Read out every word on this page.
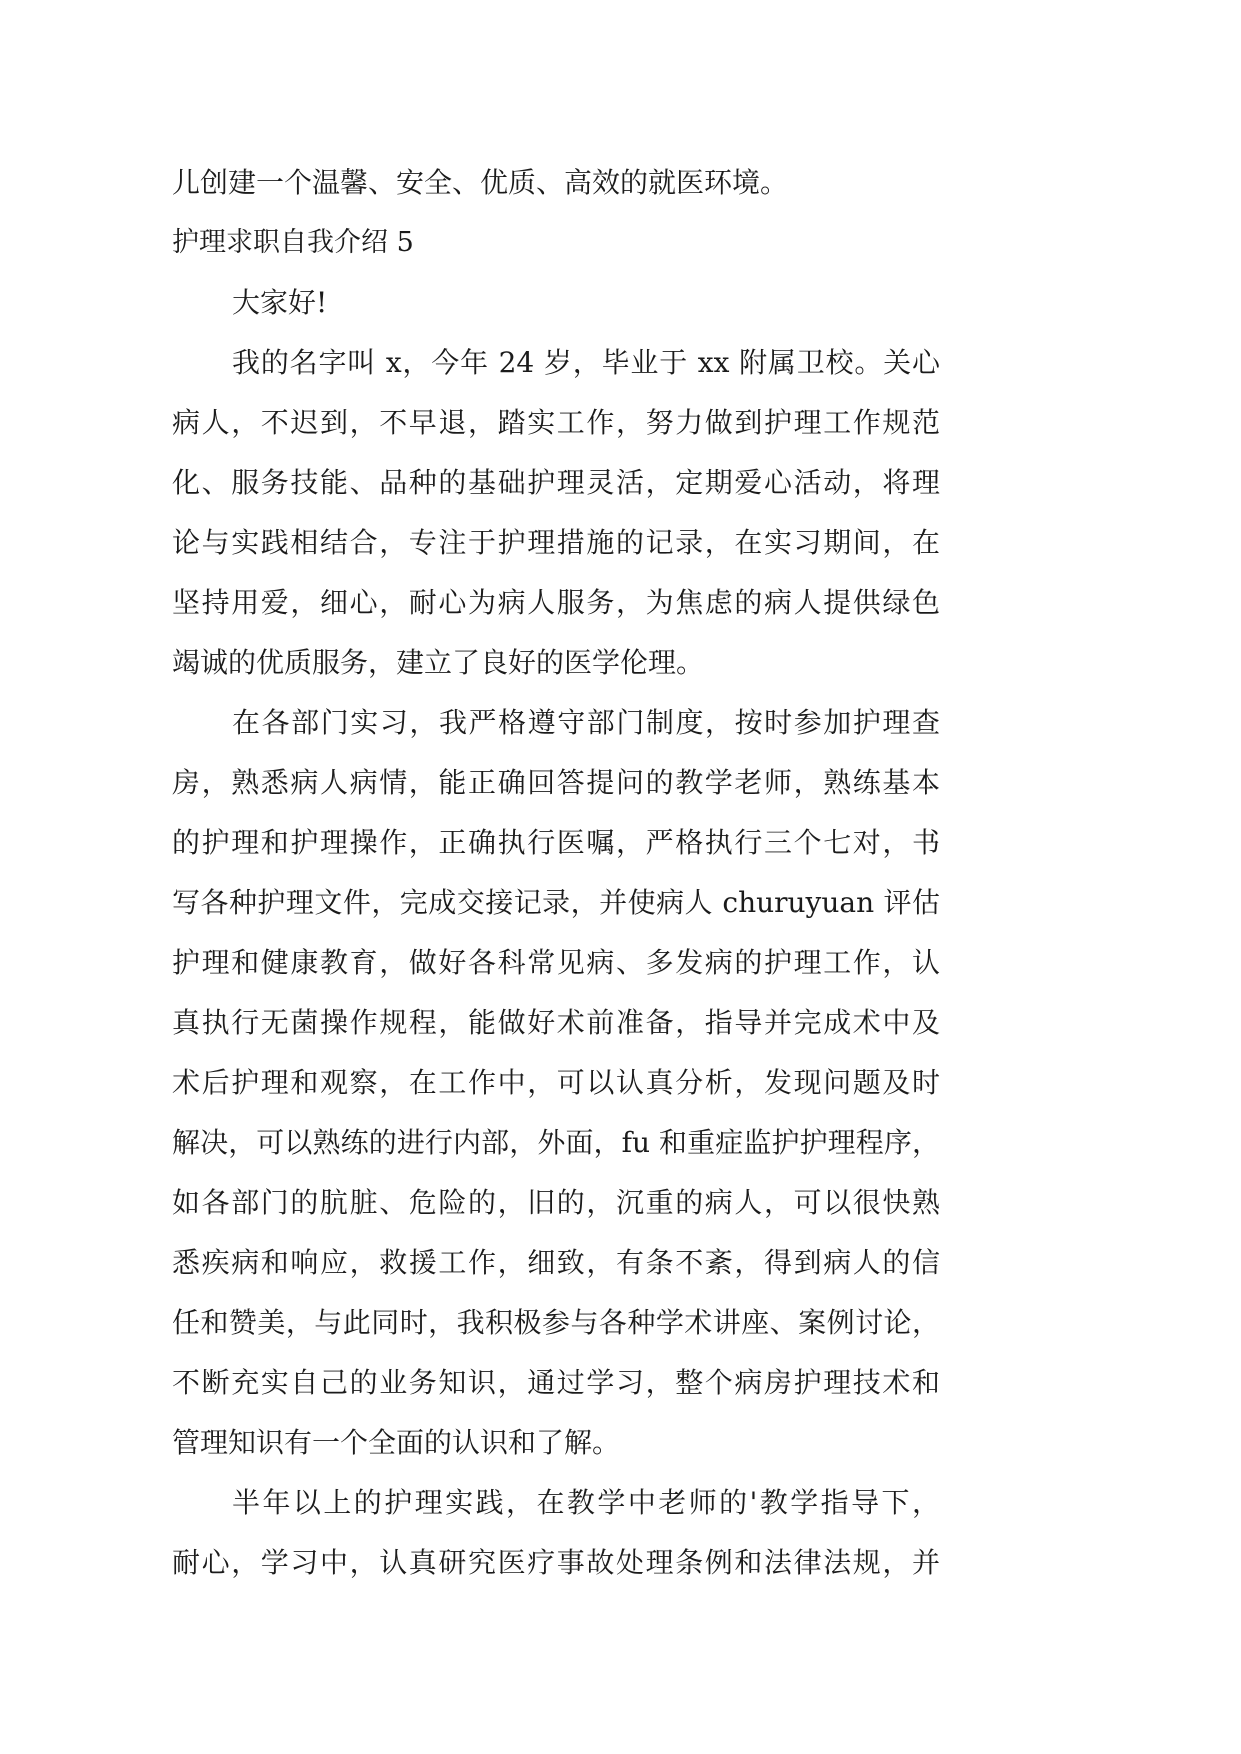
儿创建一个温馨、安全、优质、高效的就医环境。
护理求职自我介绍 5
大家好!
我的名字叫 x，今年 24 岁，毕业于 xx 附属卫校。关心
病人，不迟到，不早退，踏实工作，努力做到护理工作规范
化、服务技能、品种的基础护理灵活，定期爱心活动，将理
论与实践相结合，专注于护理措施的记录，在实习期间，在
坚持用爱，细心，耐心为病人服务，为焦虑的病人提供绿色
竭诚的优质服务，建立了良好的医学伦理。
在各部门实习，我严格遵守部门制度，按时参加护理查
房，熟悉病人病情，能正确回答提问的教学老师，熟练基本
的护理和护理操作，正确执行医嘱，严格执行三个七对，书
写各种护理文件，完成交接记录，并使病人 churuyuan 评估
护理和健康教育，做好各科常见病、多发病的护理工作，认
真执行无菌操作规程，能做好术前准备，指导并完成术中及
术后护理和观察，在工作中，可以认真分析，发现问题及时
解决，可以熟练的进行内部，外面，fu 和重症监护护理程序，
如各部门的肮脏、危险的，旧的，沉重的病人，可以很快熟
悉疾病和响应，救援工作，细致，有条不紊，得到病人的信
任和赞美，与此同时，我积极参与各种学术讲座、案例讨论，
不断充实自己的业务知识，通过学习，整个病房护理技术和
管理知识有一个全面的认识和了解。
半年以上的护理实践，在教学中老师的'教学指导下，
耐心，学习中，认真研究医疗事故处理条例和法律法规，并
